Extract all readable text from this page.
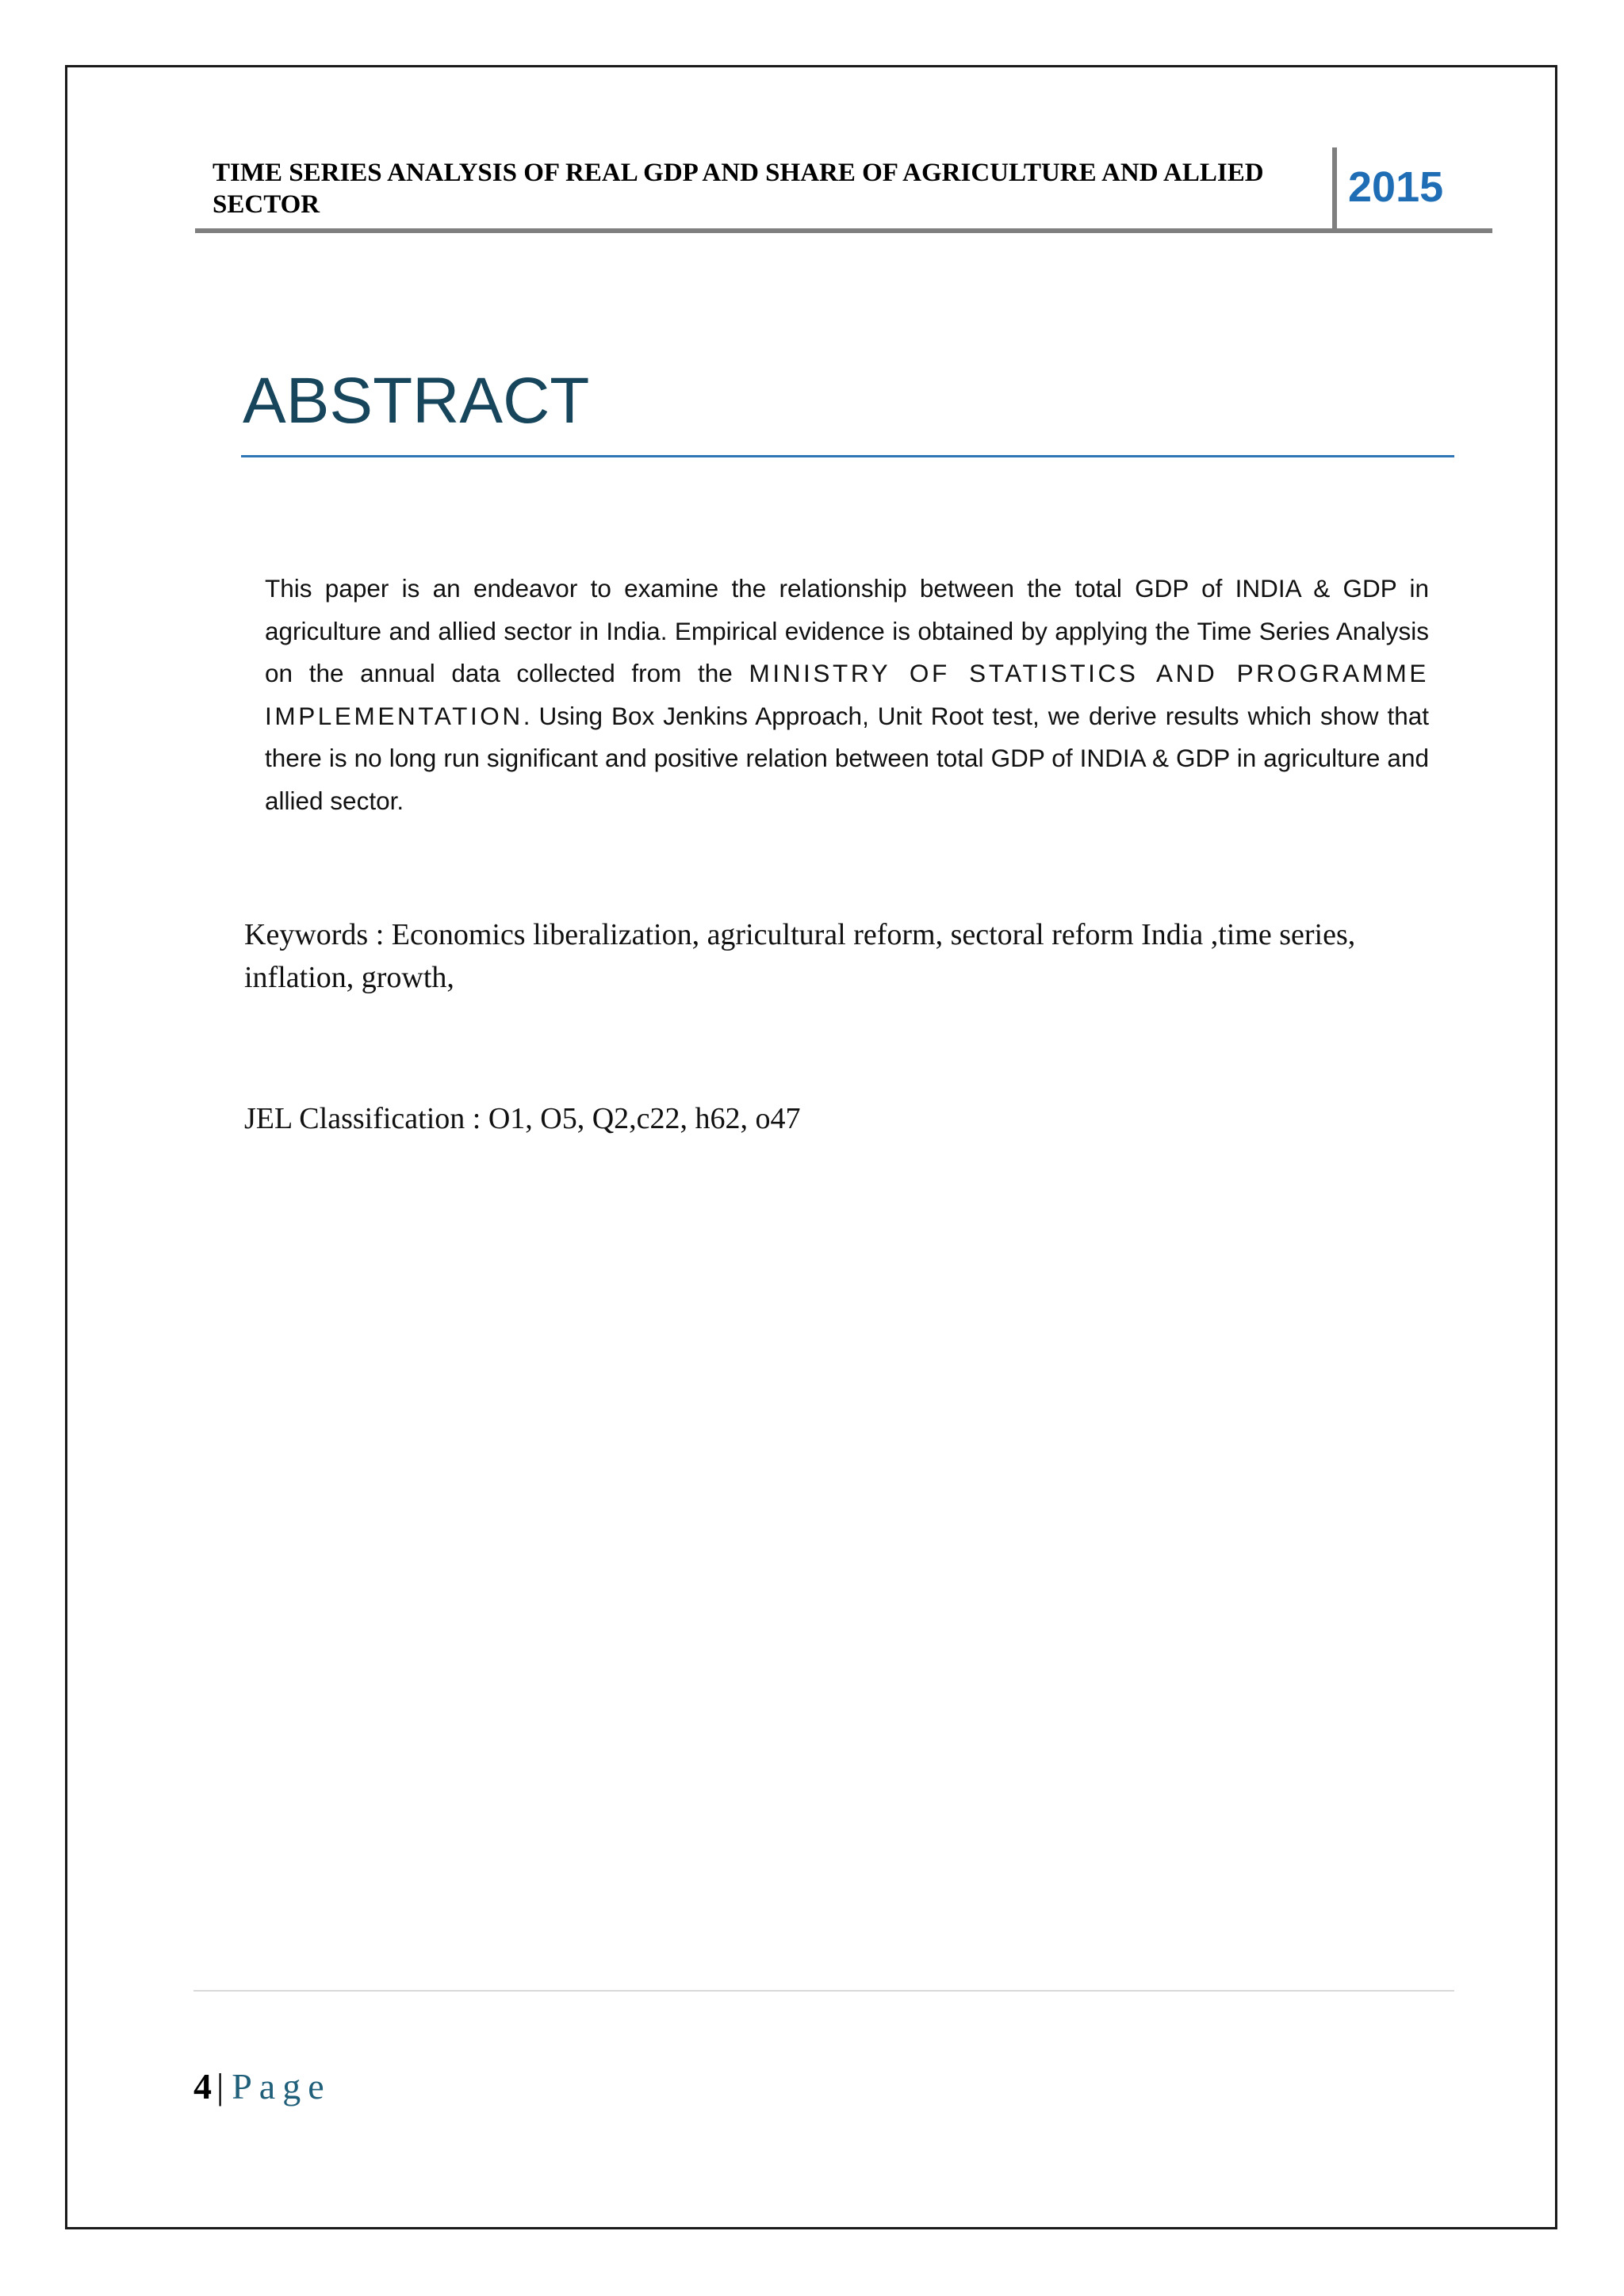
TIME SERIES ANALYSIS OF REAL GDP AND SHARE OF AGRICULTURE AND ALLIED SECTOR	2015
ABSTRACT
This paper is an endeavor to examine the relationship between the total GDP of INDIA & GDP in agriculture and allied sector in India. Empirical evidence is obtained by applying the Time Series Analysis on the annual data collected from the MINISTRY OF STATISTICS AND PROGRAMME IMPLEMENTATION. Using Box Jenkins Approach, Unit Root test, we derive results which show that there is no long run significant and positive relation between total GDP of INDIA & GDP in agriculture and allied sector.
Keywords : Economics liberalization, agricultural reform, sectoral reform India ,time series, inflation, growth,
JEL Classification : O1, O5, Q2,c22, h62, o47
4 | Page
